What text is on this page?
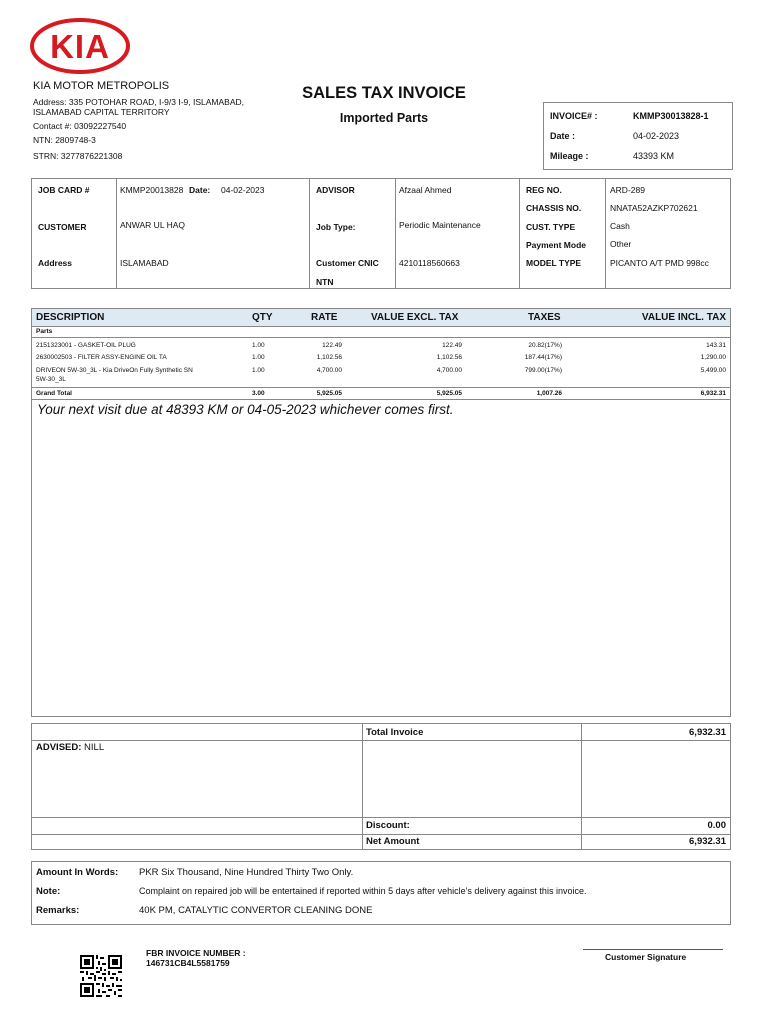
KIA
KIA MOTOR METROPOLIS
Address: 335 POTOHAR ROAD, I-9/3 I-9, ISLAMABAD,
ISLAMABAD CAPITAL TERRITORY
Contact #: 03092227540
NTN: 2809748-3
STRN: 3277876221308
SALES TAX INVOICE
Imported Parts	INVOICE# :	KMMP30013828-1
Date :	04-02-2023
Mileage :	43393 KM
JOB CARD #	KMMP20013828 Date: 04-02-2023
CUSTOMER	ANWAR UL HAQ
Address	ISLAMABAD
ADVISOR	Afzaal Ahmed
Job Type:	Periodic Maintenance
Customer CNIC 4210118560663
NTN
REG NO.	ARD-289
CHASSIS NO.	NNATA52AZKP702621
CUST. TYPE	Cash
Payment Mode	Other
MODEL TYPE	PICANTO A/T PMD 998cc
DESCRIPTION	QTY	RATE	VALUE EXCL. TAX	TAXES	VALUE INCL. TAX
Parts
2151323001 - GASKET-OIL PLUG	1.00	122.49	122.49	20.82(17%)	143.31
2630002503 - FILTER ASSY-ENGINE OIL TA	1.00	1,102.56	1,102.56	187.44(17%)	1,290.00
DRIVEON 5W-30_3L - Kia DriveOn Fully Synthetic SN
5W-30_3L
1.00	4,700.00	4,700.00	799.00(17%)	5,499.00
Grand Total	3.00	5,925.05	5,925.05	1,007.26	6,932.31
Your next visit due at 48393 KM or 04-05-2023 whichever comes first.
Total Invoice	6,932.31
ADVISED: NILL
Discount:	0.00
Net Amount	6,932.31
Amount In Words: PKR Six Thousand, Nine Hundred Thirty Two Only.
Note:	Complaint on repaired job will be entertained if reported within 5 days after vehicle's delivery against this invoice.
Remarks:	40K PM, CATALYTIC CONVERTOR CLEANING DONE
FBR INVOICE NUMBER :
146731CB4L5581759
Customer Signature
